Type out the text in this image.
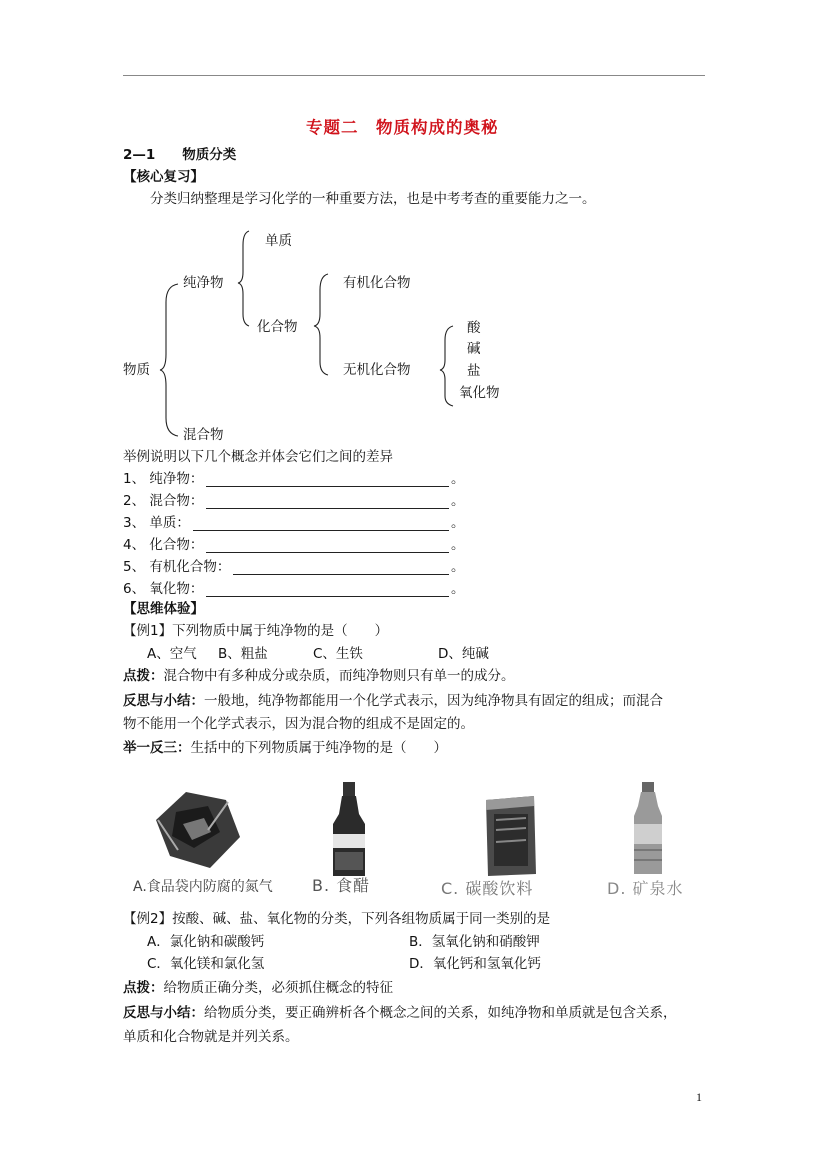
专题二　物质构成的奥秘
2—1　　物质分类
【核心复习】
分类归纳整理是学习化学的一种重要方法，也是中考考查的重要能力之一。
物质
纯净物
混合物
单质
化合物
有机化合物
无机化合物
酸
碱
盐
氧化物
举例说明以下几个概念并体会它们之间的差异
1、 纯净物：	。
2、 混合物：	。
3、 单质：	。
4、 化合物：	。
5、 有机化合物：	。
6、 氧化物：	。
【思维体验】
【例1】下列物质中属于纯净物的是（　　）
A、空气 B、粗盐	C、生铁	D、纯碱
点拨：混合物中有多种成分或杂质，而纯净物则只有单一的成分。
反思与小结：一般地，纯净物都能用一个化学式表示，因为纯净物具有固定的组成；而混合
物不能用一个化学式表示，因为混合物的组成不是固定的。
举一反三：生括中的下列物质属于纯净物的是（　　）
A.食品袋内防腐的氮气 B. 食醋	C. 碳酸饮料	D. 矿泉水
【例2】按酸、碱、盐、氧化物的分类，下列各组物质属于同一类别的是
A．氯化钠和碳酸钙	B．氢氧化钠和硝酸钾
C．氧化镁和氯化氢	D．氧化钙和氢氧化钙
点拨：给物质正确分类，必须抓住概念的特征
反思与小结：给物质分类，要正确辨析各个概念之间的关系，如纯净物和单质就是包含关系，
单质和化合物就是并列关系。
1
